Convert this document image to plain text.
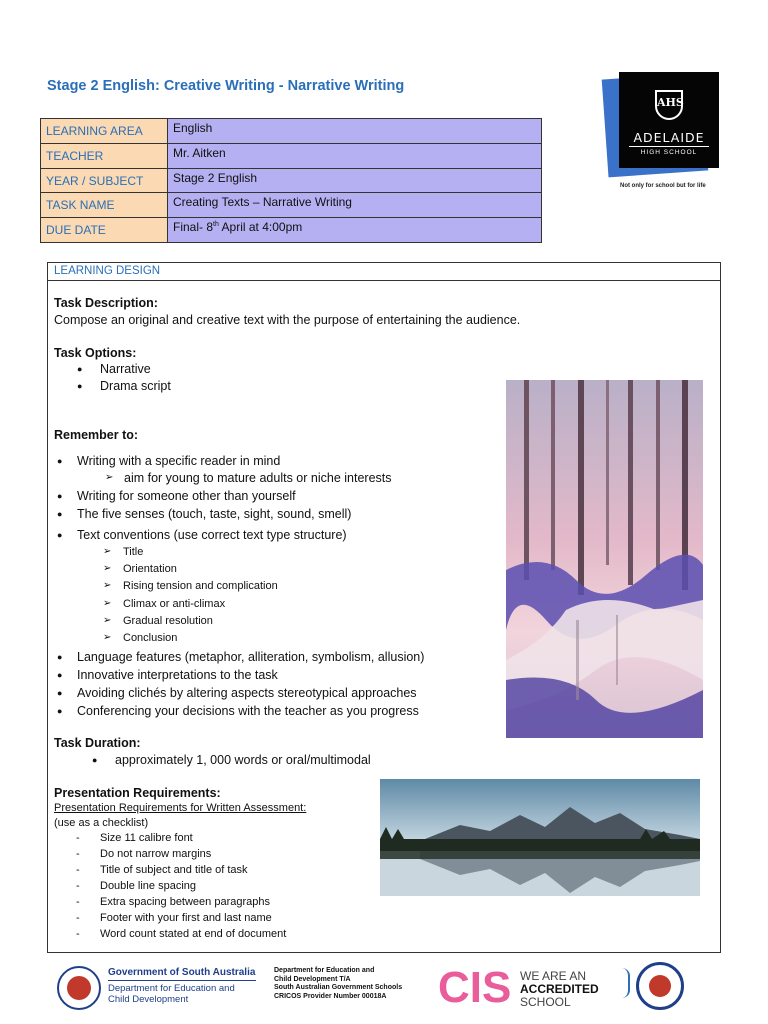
Stage 2 English: Creative Writing - Narrative Writing
AHS
ADELAIDE
HIGH SCHOOL
Not only for school but for life
LEARNING AREA	English
TEACHER	Mr. Aitken
YEAR / SUBJECT	Stage 2 English
TASK NAME	Creating Texts – Narrative Writing
DUE DATE	Final- 8th April at 4:00pm
LEARNING DESIGN
Task Description:
Compose an original and creative text with the purpose of entertaining the audience.
Task Options:
● Narrative
● Drama script
Remember to:
● Writing with a specific reader in mind
➢ aim for young to mature adults or niche interests
● Writing for someone other than yourself
● The five senses (touch, taste, sight, sound, smell)
● Text conventions (use correct text type structure)
➢ Title
➢ Orientation
➢ Rising tension and complication
➢ Climax or anti-climax
➢ Gradual resolution
➢ Conclusion
● Language features (metaphor, alliteration, symbolism, allusion)
● Innovative interpretations to the task
● Avoiding clichés by altering aspects stereotypical approaches
● Conferencing your decisions with the teacher as you progress
Task Duration:
● approximately 1, 000 words or oral/multimodal
Presentation Requirements:
Presentation Requirements for Written Assessment:
(use as a checklist)
- Size 11 calibre font
- Do not narrow margins
- Title of subject and title of task
- Double line spacing
- Extra spacing between paragraphs
- Footer with your first and last name
- Word count stated at end of document
Government of South Australia
Department for Education and
Child Development
Department for Education and
Child Development T/A
South Australian Government Schools
CRICOS Provider Number 00018A	CIS WE ARE AN
ACCREDITED
SCHOOL
